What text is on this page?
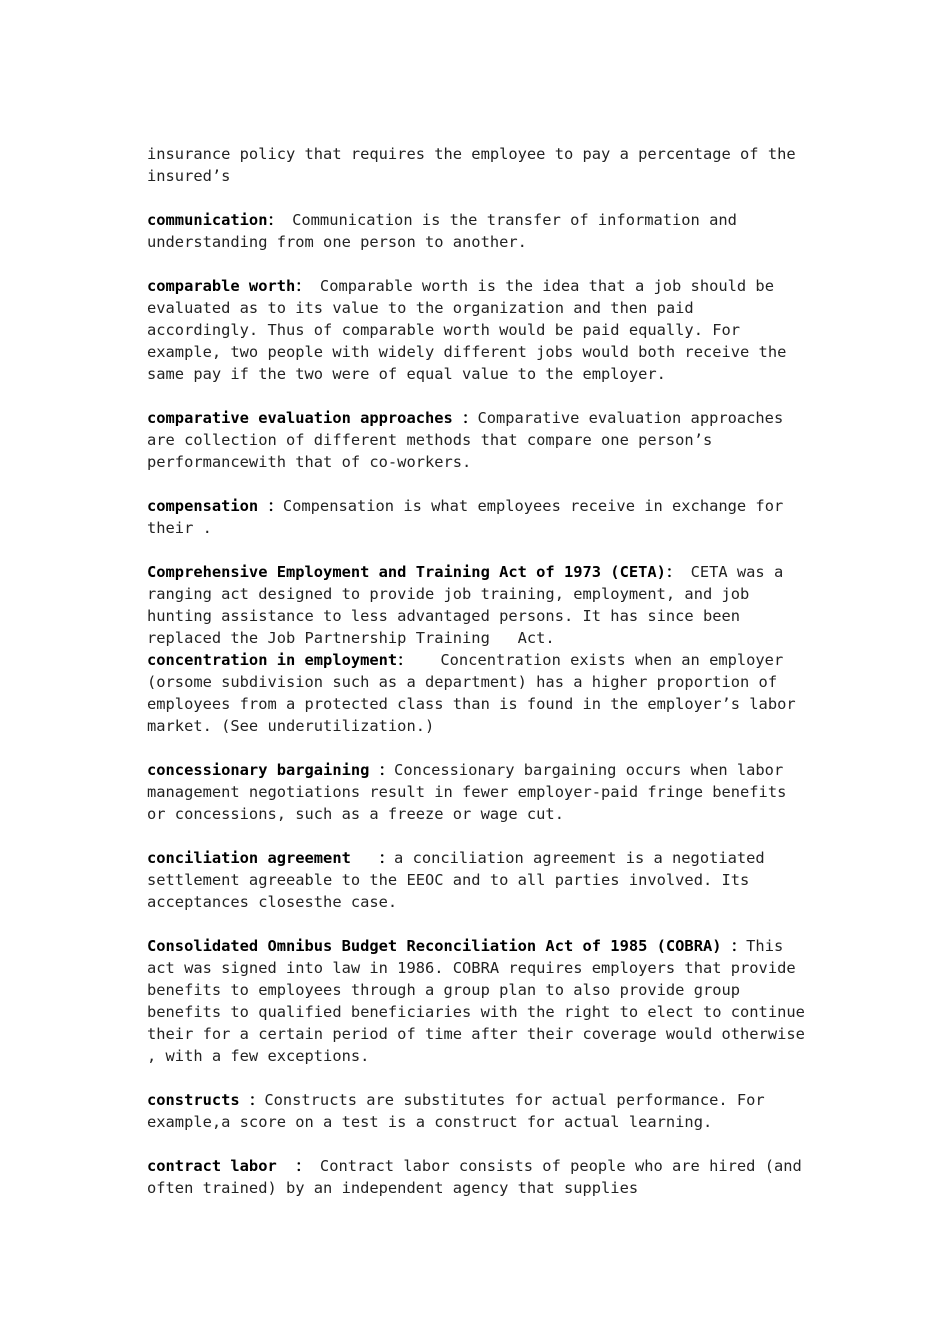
insurance policy that requires the employee to pay a percentage of the insured’s

communication： Communication is the transfer of information and understanding from one person to another.

comparable worth： Comparable worth is the idea that a job should be evaluated as to its value to the organization and then paid accordingly. Thus of comparable worth would be paid equally. For example, two people with widely different jobs would both receive the same pay if the two were of equal value to the employer.

comparative evaluation approaches ：Comparative evaluation approaches are collection of different methods that compare one person’s performancewith that of co-workers.

compensation ：Compensation is what employees receive in exchange for their .

Comprehensive Employment and Training Act of 1973 (CETA)： CETA was a ranging act designed to provide job training, employment, and job hunting assistance to less advantaged persons. It has since been replaced the Job Partnership Training   Act.

concentration in employment：   Concentration exists when an employer (orsome subdivision such as a department) has a higher proportion of employees from a protected class than is found in the employer’s labor market. (See underutilization.)

concessionary bargaining ：Concessionary bargaining occurs when labor management negotiations result in fewer employer-paid fringe benefits or concessions, such as a freeze or wage cut.

conciliation agreement   ：a conciliation agreement is a negotiated settlement agreeable to the EEOC and to all parties involved. Its acceptances closesthe case.

Consolidated Omnibus Budget Reconciliation Act of 1985 (COBRA) ：This act was signed into law in 1986. COBRA requires employers that provide benefits to employees through a group plan to also provide group benefits to qualified beneficiaries with the right to elect to continue their for a certain period of time after their coverage would otherwise , with a few exceptions.

constructs ：Constructs are substitutes for actual performance. For example,a score on a test is a construct for actual learning.

contract labor  ： Contract labor consists of people who are hired (and often trained) by an independent agency that supplies
